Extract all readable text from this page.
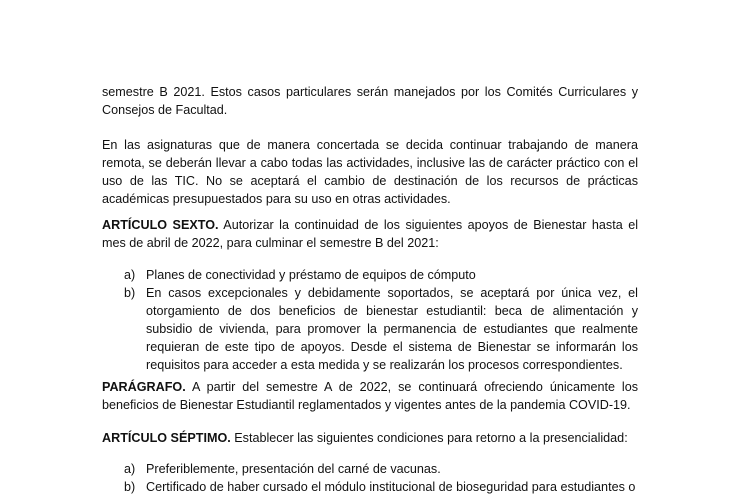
semestre B 2021. Estos casos particulares serán manejados por los Comités Curriculares y Consejos de Facultad.

En las asignaturas que de manera concertada se decida continuar trabajando de manera remota, se deberán llevar a cabo todas las actividades, inclusive las de carácter práctico con el uso de las TIC. No se aceptará el cambio de destinación de los recursos de prácticas académicas presupuestados para su uso en otras actividades.

ARTÍCULO SEXTO. Autorizar la continuidad de los siguientes apoyos de Bienestar hasta el mes de abril de 2022, para culminar el semestre B del 2021:

a) Planes de conectividad y préstamo de equipos de cómputo
b) En casos excepcionales y debidamente soportados, se aceptará por única vez, el otorgamiento de dos beneficios de bienestar estudiantil: beca de alimentación y subsidio de vivienda, para promover la permanencia de estudiantes que realmente requieran de este tipo de apoyos. Desde el sistema de Bienestar se informarán los requisitos para acceder a esta medida y se realizarán los procesos correspondientes.

PARÁGRAFO. A partir del semestre A de 2022, se continuará ofreciendo únicamente los beneficios de Bienestar Estudiantil reglamentados y vigentes antes de la pandemia COVID-19.

ARTÍCULO SÉPTIMO. Establecer las siguientes condiciones para retorno a la presencialidad:

a) Preferiblemente, presentación del carné de vacunas.
b) Certificado de haber cursado el módulo institucional de bioseguridad para estudiantes o
